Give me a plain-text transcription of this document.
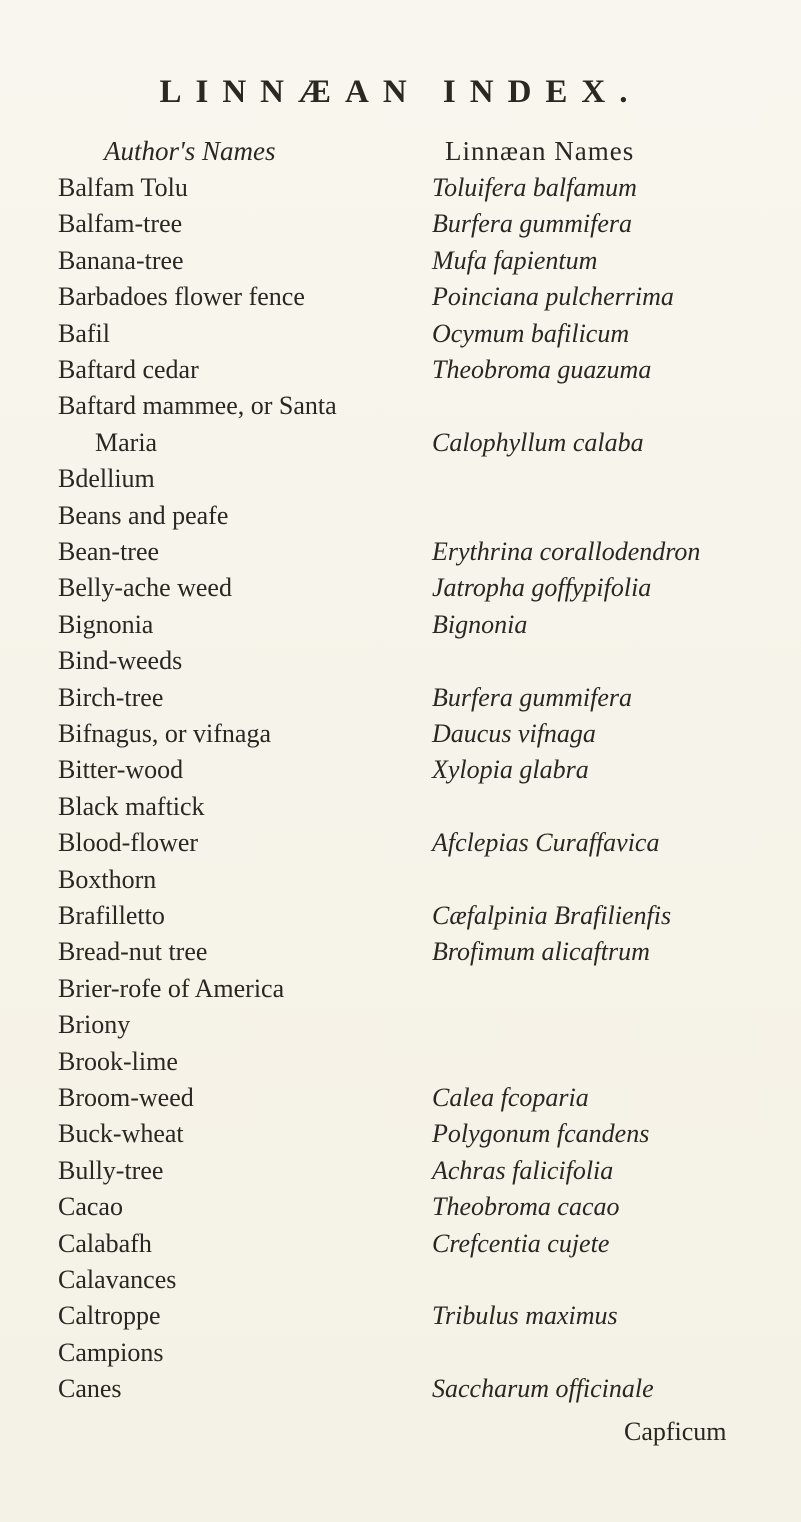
LINNÆAN INDEX.
Author's Names	Linnæan Names
Balfam Tolu	Toluifera balfamum
Balfam-tree	Burfera gummifera
Banana-tree	Mufa fapientum
Barbadoes flower fence	Poinciana pulcherrima
Bafil	Ocymum bafilicum
Baftard cedar	Theobroma guazuma
Baftard mammee, or Santa
Maria	Calophyllum calaba
Bdellium
Beans and peafe
Bean-tree	Erythrina corallodendron
Belly-ache weed	Jatropha goffypifolia
Bignonia	Bignonia
Bind-weeds
Birch-tree	Burfera gummifera
Bifnagus, or vifnaga	Daucus vifnaga
Bitter-wood	Xylopia glabra
Black maftick
Blood-flower	Afclepias Curaffavica
Boxthorn
Brafilletto	Cæfalpinia Brafilienfis
Bread-nut tree	Brofimum alicaftrum
Brier-rofe of America
Briony
Brook-lime
Broom-weed	Calea fcoparia
Buck-wheat	Polygonum fcandens
Bully-tree	Achras falicifolia
Cacao	Theobroma cacao
Calabafh	Crefcentia cujete
Calavances
Caltroppe	Tribulus maximus
Campions
Canes	Saccharum officinale
Capficum
